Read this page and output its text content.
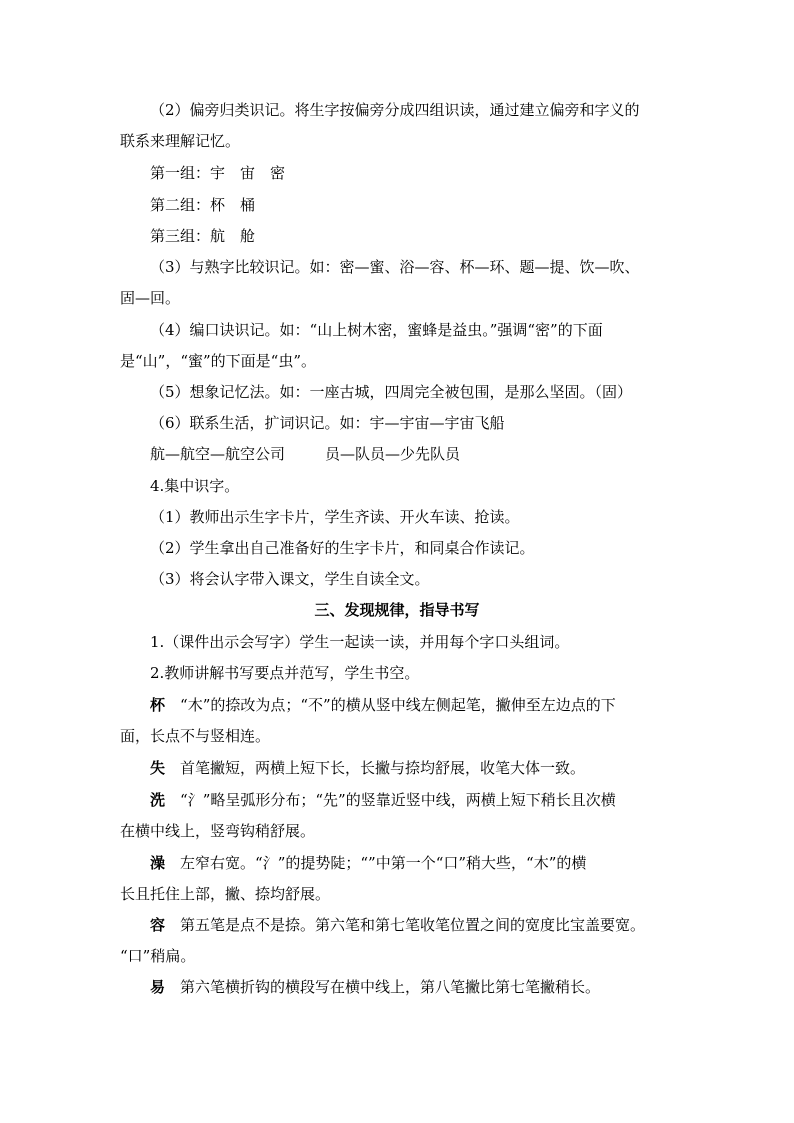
（2）偏旁归类识记。将生字按偏旁分成四组识读，通过建立偏旁和字义的
联系来理解记忆。
第一组：宇　宙　密
第二组：杯　桶
第三组：航　舱
（3）与熟字比较识记。如：密—蜜、浴—容、杯—环、题—提、饮—吹、
固—回。
（4）编口诀识记。如：“山上树木密，蜜蜂是益虫。”强调“密”的下面
是“山”，“蜜”的下面是“虫”。
（5）想象记忆法。如：一座古城，四周完全被包围，是那么坚固。（固）
（6）联系生活，扩词识记。如：宇—宇宙—宇宙飞船
航—航空—航空公司	员—队员—少先队员
4.集中识字。
（1）教师出示生字卡片，学生齐读、开火车读、抢读。
（2）学生拿出自己准备好的生字卡片，和同桌合作读记。
（3）将会认字带入课文，学生自读全文。
三、发现规律，指导书写
1.（课件出示会写字）学生一起读一读，并用每个字口头组词。
2.教师讲解书写要点并范写，学生书空。
杯　 “木”的捺改为点；“不”的横从竖中线左侧起笔，撇伸至左边点的下
面，长点不与竖相连。
失　 首笔撇短，两横上短下长，长撇与捺均舒展，收笔大体一致。
洗　 “氵”略呈弧形分布；“先”的竖靠近竖中线，两横上短下稍长且次横
在横中线上，竖弯钩稍舒展。
澡　 左窄右宽。“氵”的提势陡；“”中第一个“口”稍大些，“木”的横
长且托住上部，撇、捺均舒展。
容　 第五笔是点不是捺。第六笔和第七笔收笔位置之间的宽度比宝盖要宽。
“口”稍扁。
易　 第六笔横折钩的横段写在横中线上，第八笔撇比第七笔撇稍长。
